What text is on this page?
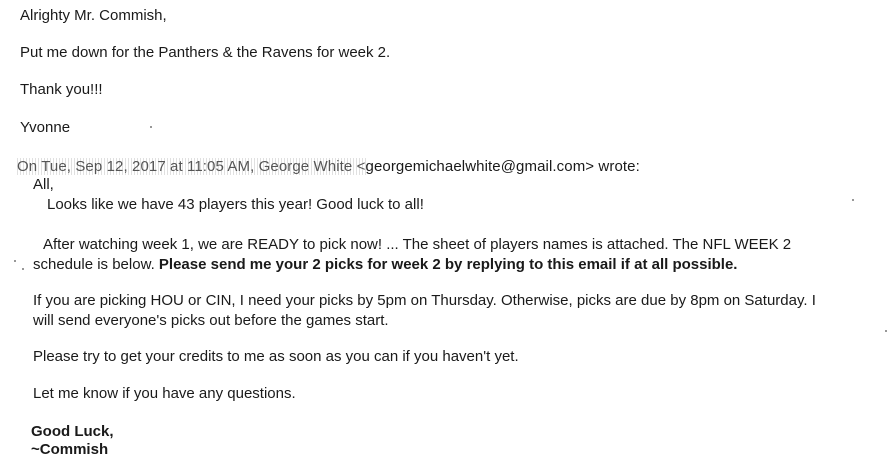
Alrighty Mr. Commish,
Put me down for the Panthers & the Ravens for week 2.
Thank you!!!
Yvonne
On Tue, Sep 12, 2017 at 11:05 AM, George White <georgemichaelwhite@gmail.com> wrote:
All,
Looks like we have 43 players this year! Good luck to all!
After watching week 1, we are READY to pick now! ... The sheet of players names is attached. The NFL WEEK 2
schedule is below. Please send me your 2 picks for week 2 by replying to this email if at all possible.
If you are picking HOU or CIN, I need your picks by 5pm on Thursday. Otherwise, picks are due by 8pm on Saturday. I
will send everyone's picks out before the games start.
Please try to get your credits to me as soon as you can if you haven't yet.
Let me know if you have any questions.
Good Luck,
~Commish
